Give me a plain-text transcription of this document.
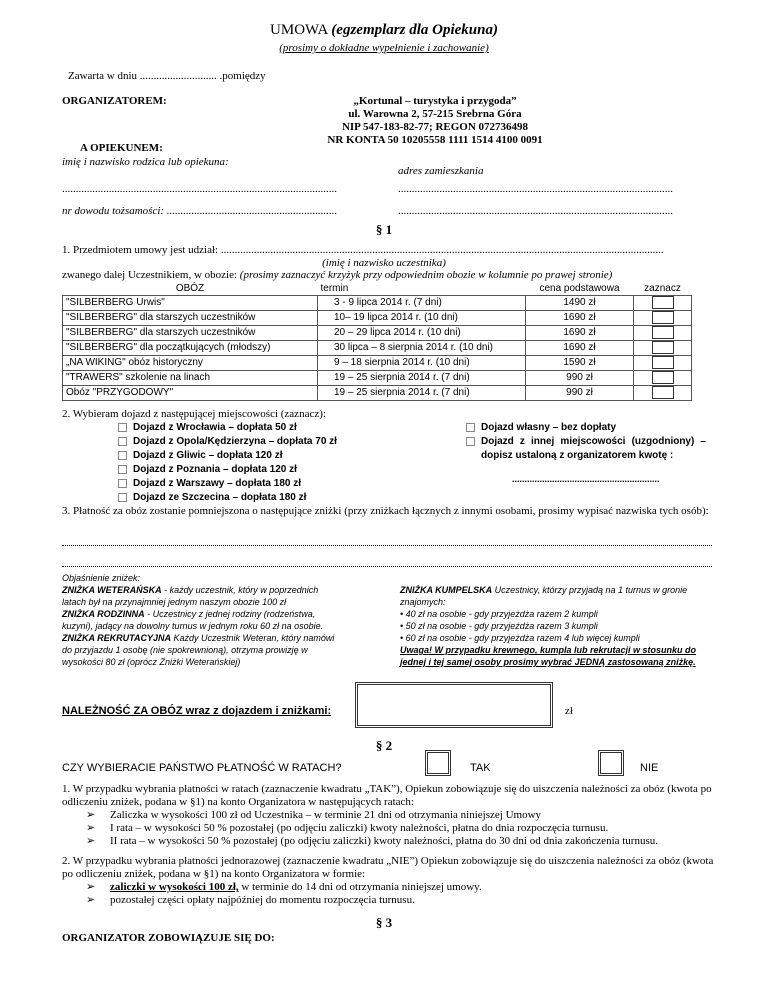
UMOWA (egzemplarz dla Opiekuna)
(prosimy o dokładne wypełnienie i zachowanie)
Zawarta w dniu ............................ .pomiędzy
ORGANIZATOREM:	„Kortunal – turystyka i przygoda”
ul. Warowna 2, 57-215 Srebrna Góra
NIP 547-183-82-77; REGON 072736498
NR KONTA 50 10205558 1111 1514 4100 0091
A OPIEKUNEM:
imię i nazwisko rodzica lub opiekuna:
adres zamieszkania
....................................................................................................	....................................................................................................
nr dowodu tożsamości: ..............................................................	....................................................................................................
§ 1
1. Przedmiotem umowy jest udział: .................................................................................................................................................................
(imię i nazwisko uczestnika)
zwanego dalej Uczestnikiem, w obozie: (prosimy zaznaczyć krzyżyk przy odpowiednim obozie w kolumnie po prawej stronie)
OBÓZ	termin	cena podstawowa	zaznacz
"SILBERBERG Urwis"	3 - 9 lipca 2014 r. (7 dni)	1490 zł	
"SILBERBERG" dla starszych uczestników	10– 19 lipca 2014 r. (10 dni)	1690 zł	
"SILBERBERG" dla starszych uczestników	20 – 29 lipca 2014 r. (10 dni)	1690 zł	
"SILBERBERG" dla początkujących (młodszy)	30 lipca – 8 sierpnia 2014 r. (10 dni)	1690 zł	
„NA WIKING" obóz historyczny	9 – 18 sierpnia 2014 r. (10 dni)	1590 zł	
"TRAWERS" szkolenie na linach	19 – 25 sierpnia 2014 r. (7 dni)	990 zł	
Obóz "PRZYGODOWY"	19 – 25 sierpnia 2014 r. (7 dni)	990 zł	
2. Wybieram dojazd z następującej miejscowości (zaznacz):
Dojazd z Wrocławia – dopłata 50 zł
Dojazd z Opola/Kędzierzyna – dopłata 70 zł
Dojazd z Gliwic – dopłata 120 zł
Dojazd z Poznania – dopłata 120 zł
Dojazd z Warszawy – dopłata 180 zł
Dojazd ze Szczecina – dopłata 180 zł
Dojazd własny – bez dopłaty
Dojazd z innej miejscowości (uzgodniony) – dopisz ustaloną z organizatorem kwotę :
...........................................................
3. Płatność za obóz zostanie pomniejszona o następujące zniżki (przy zniżkach łącznych z innymi osobami, prosimy wypisać nazwiska tych osób):
Objaśnienie zniżek:
ZNIŻKA WETERAŃSKA - każdy uczestnik, który w poprzednich latach był na przynajmniej jednym naszym obozie 100 zł
ZNIŻKA RODZINNA - Uczestnicy z jednej rodziny (rodzeństwa, kuzyni), jadący na dowolny turnus w jednym roku 60 zł na osobie.
ZNIŻKA REKRUTACYJNA Każdy Uczestnik Weteran, który namówi do przyjazdu 1 osobę (nie spokrewnioną), otrzyma prowizję w wysokości 80 zł (oprócz Zniżki Weterańskiej)
ZNIŻKA KUMPELSKA Uczestnicy, którzy przyjadą na 1 turnus w gronie znajomych:
• 40 zł na osobie - gdy przyjeżdża razem 2 kumpli
• 50 zł na osobie - gdy przyjeżdża razem 3 kumpli
• 60 zł na osobie - gdy przyjeżdża razem 4 lub więcej kumpli
Uwaga! W przypadku krewnego, kumpla lub rekrutacji w stosunku do jednej i tej samej osoby prosimy wybrać JEDNĄ zastosowaną zniżkę.
NALEŻNOŚĆ ZA OBÓZ wraz z dojazdem i zniżkami:	zł
§ 2
CZY WYBIERACIE PAŃSTWO PŁATNOŚĆ W RATACH?	TAK	NIE
1. W przypadku wybrania płatności w ratach (zaznaczenie kwadratu „TAK”), Opiekun zobowiązuje się do uiszczenia należności za obóz (kwota po odliczeniu zniżek, podana w §1) na konto Organizatora w następujących ratach:
➢ Zaliczka w wysokości 100 zł od Uczestnika – w terminie 21 dni od otrzymania niniejszej Umowy
➢ I rata – w wysokości 50 % pozostałej (po odjęciu zaliczki) kwoty należności, płatna do dnia rozpoczęcia turnusu.
➢ II rata – w wysokości 50 % pozostałej (po odjęciu zaliczki) kwoty należności, płatna do 30 dni od dnia zakończenia turnusu.
2. W przypadku wybrania płatności jednorazowej (zaznaczenie kwadratu „NIE”) Opiekun zobowiązuje się do uiszczenia należności za obóz (kwota po odliczeniu zniżek, podana w §1) na konto Organizatora w formie:
➢ zaliczki w wysokości 100 zł, w terminie do 14 dni od otrzymania niniejszej umowy.
➢ pozostałej części opłaty najpóźniej do momentu rozpoczęcia turnusu.
§ 3
ORGANIZATOR ZOBOWIĄZUJE SIĘ DO:
